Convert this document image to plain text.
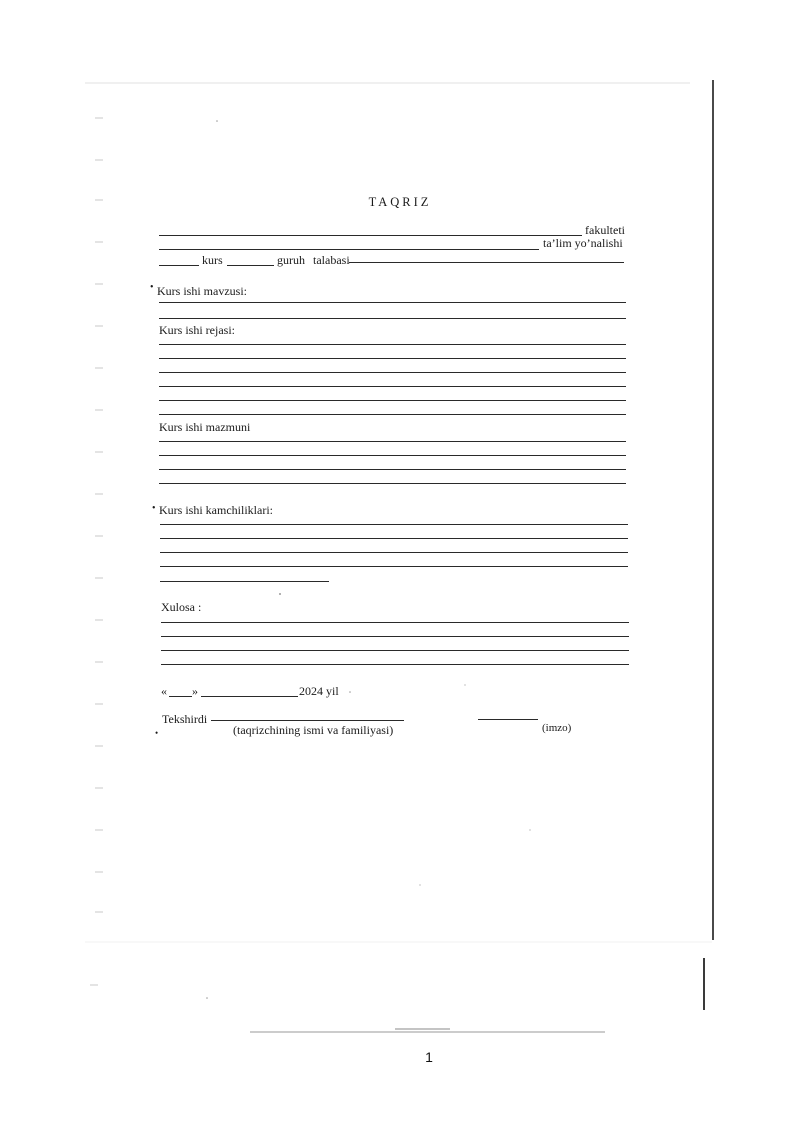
TAQRIZ
fakulteti
ta’lim yo’nalishi
kurs	guruh talabasi
• Kurs ishi mavzusi:
Kurs ishi rejasi:
Kurs ishi mazmuni
• Kurs ishi kamchiliklari:
Xulosa :
« »	2024 yil
Tekshirdi
•	(taqrizchining ismi va familiyasi)	(imzo)
1
